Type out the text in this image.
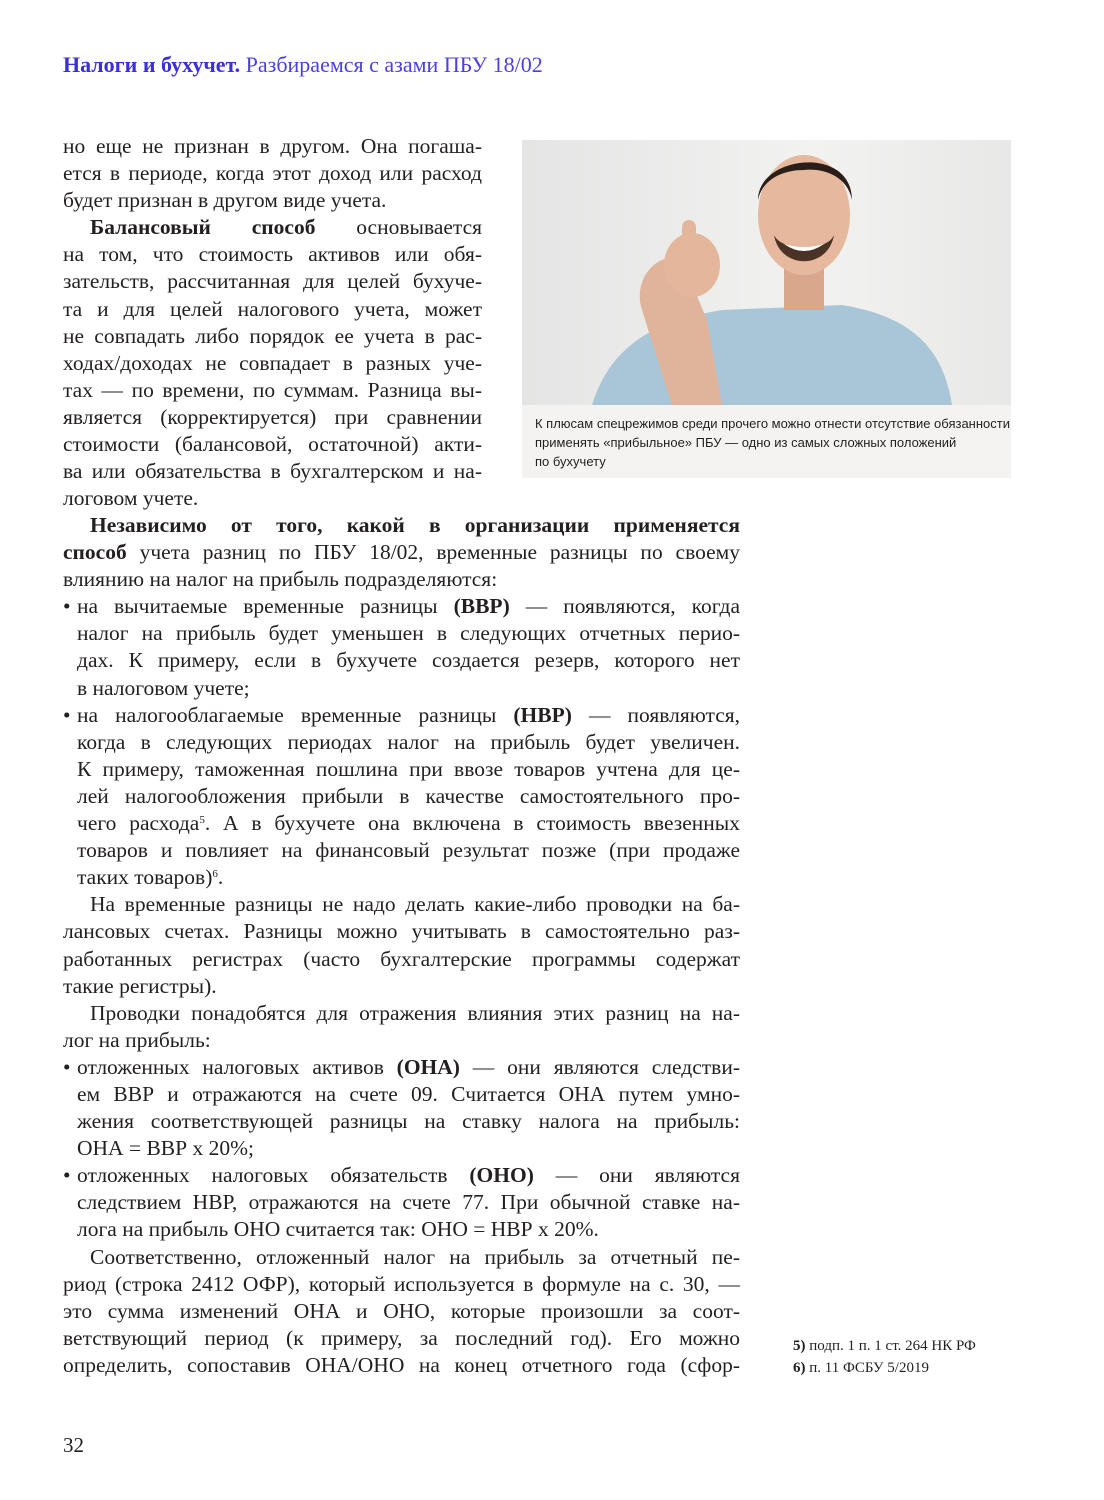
Налоги и бухучет. Разбираемся с азами ПБУ 18/02
но еще не признан в другом. Она погаша-
ется в периоде, когда этот доход или расход
будет признан в другом виде учета.
Балансовый способ основывается
на том, что стоимость активов или обя-
зательств, рассчитанная для целей бухуче-
та и для целей налогового учета, может
не совпадать либо порядок ее учета в рас-
ходах/доходах не совпадает в разных уче-
тах — по времени, по суммам. Разница вы-
является (корректируется) при сравнении
стоимости (балансовой, остаточной) акти-
ва или обязательства в бухгалтерском и на-
логовом учете.
Независимо от того, какой в организации применяется
способ учета разниц по ПБУ 18/02, временные разницы по своему
влиянию на налог на прибыль подразделяются:
• на вычитаемые временные разницы (ВВР) — появляются, когда
налог на прибыль будет уменьшен в следующих отчетных перио-
дах. К примеру, если в бухучете создается резерв, которого нет
в налоговом учете;
• на налогооблагаемые временные разницы (НВР) — появляются,
когда в следующих периодах налог на прибыль будет увеличен.
К примеру, таможенная пошлина при ввозе товаров учтена для це-
лей налогообложения прибыли в качестве самостоятельного про-
чего расхода$^5$. А в бухучете она включена в стоимость ввезенных
товаров и повлияет на финансовый результат позже (при продаже
таких товаров)$^6$.
На временные разницы не надо делать какие-либо проводки на ба-
лансовых счетах. Разницы можно учитывать в самостоятельно раз-
работанных регистрах (часто бухгалтерские программы содержат
такие регистры).
Проводки понадобятся для отражения влияния этих разниц на на-
лог на прибыль:
• отложенных налоговых активов (ОНА) — они являются следстви-
ем ВВР и отражаются на счете 09. Считается ОНА путем умно-
жения соответствующей разницы на ставку налога на прибыль:
ОНА = ВВР х 20%;
• отложенных налоговых обязательств (ОНО) — они являются
следствием НВР, отражаются на счете 77. При обычной ставке на-
лога на прибыль ОНО считается так: ОНО = НВР х 20%.
Соответственно, отложенный налог на прибыль за отчетный пе-
риод (строка 2412 ОФР), который используется в формуле на с. 30, —
это сумма изменений ОНА и ОНО, которые произошли за соот-
ветствующий период (к примеру, за последний год). Его можно
определить, сопоставив ОНА/ОНО на конец отчетного года (сфор-
К плюсам спецрежимов среди прочего можно отнести отсутствие обязанности
применять «прибыльное» ПБУ — одно из самых сложных положений
по бухучету
5) подп. 1 п. 1 ст. 264 НК РФ
6) п. 11 ФСБУ 5/2019
32
